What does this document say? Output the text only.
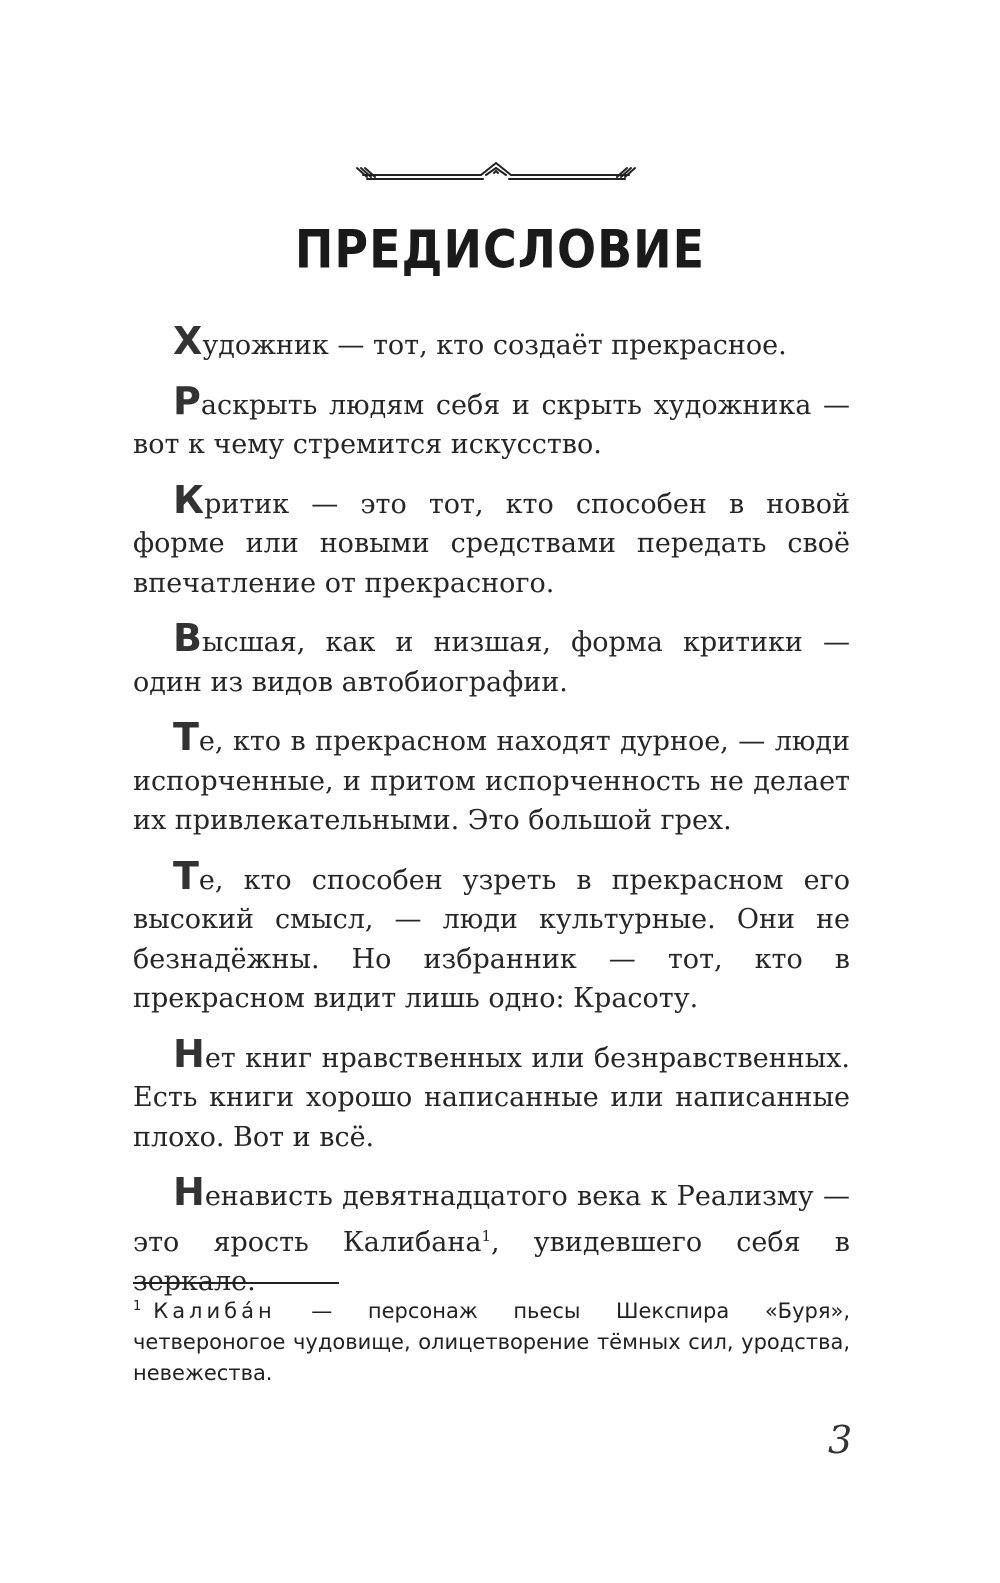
ПРЕДИСЛОВИЕ

Художник — тот, кто создаёт прекрасное.

Раскрыть людям себя и скрыть художника — вот к чему стремится искусство.

Критик — это тот, кто способен в новой форме или новыми средствами передать своё впечатление от прекрасного.

Высшая, как и низшая, форма критики — один из видов автобиографии.

Те, кто в прекрасном находят дурное, — люди испорченные, и притом испорченность не делает их привлекательными. Это большой грех.

Те, кто способен узреть в прекрасном его высокий смысл, — люди культурные. Они не безнадёжны. Но избранник — тот, кто в прекрасном видит лишь одно: Красоту.

Нет книг нравственных или безнравственных. Есть книги хорошо написанные или написанные плохо. Вот и всё.

Ненависть девятнадцатого века к Реализму — это ярость Калибана$^1$, увидевшего себя в зеркале.

$^1$ Калиба́н — персонаж пьесы Шекспира «Буря», четвероногое чудовище, олицетворение тёмных сил, уродства, невежества.
3
